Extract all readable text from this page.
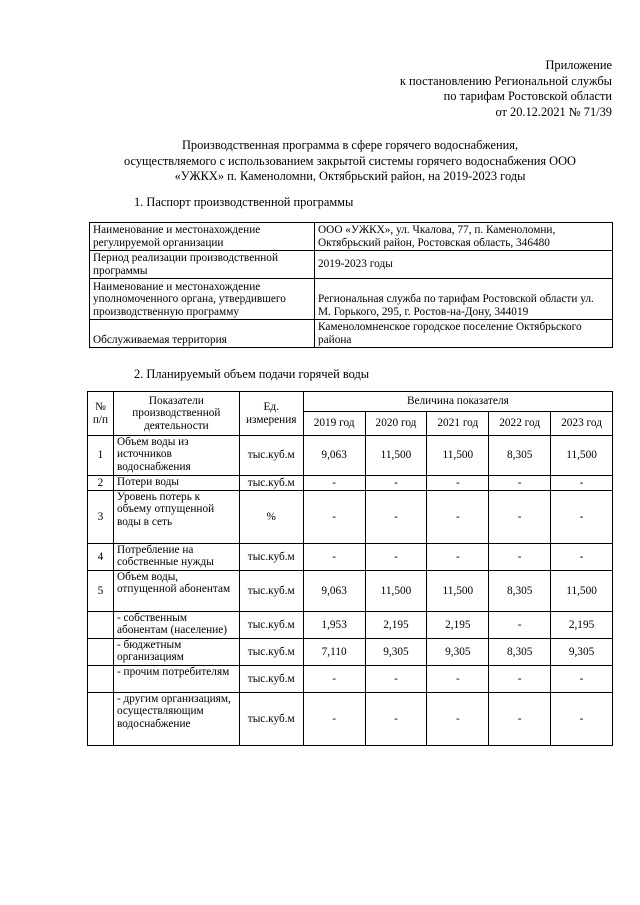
Приложение
к постановлению Региональной службы
по тарифам Ростовской области
от 20.12.2021 № 71/39
Производственная программа в сфере горячего водоснабжения,
осуществляемого с использованием закрытой системы горячего водоснабжения ООО
«УЖКХ» п. Каменоломни, Октябрьский район, на 2019-2023 годы
1. Паспорт производственной программы
Наименование и местонахождение регулируемой организации	ООО «УЖКХ», ул. Чкалова, 77, п. Каменоломни, Октябрьский район, Ростовская область, 346480
Период реализации производственной программы	2019-2023 годы
Наименование и местонахождение уполномоченного органа, утвердившего производственную программу	Региональная служба по тарифам Ростовской области ул. М. Горького, 295, г. Ростов-на-Дону, 344019
Обслуживаемая территория	Каменоломненское городское поселение Октябрьского района
2. Планируемый объем подачи горячей воды
№ п/п	Показатели производственной деятельности	Ед. измерения	Величина показателя				
			2019 год	2020 год	2021 год	2022 год	2023 год
1	Объем воды из источников водоснабжения	тыс.куб.м	9,063	11,500	11,500	8,305	11,500
2	Потери воды	тыс.куб.м	-	-	-	-	-
3	Уровень потерь к объему отпущенной воды в сеть	%	-	-	-	-	-
4	Потребление на собственные нужды	тыс.куб.м	-	-	-	-	-
5	Объем воды, отпущенной абонентам	тыс.куб.м	9,063	11,500	11,500	8,305	11,500
	- собственным абонентам (население)	тыс.куб.м	1,953	2,195	2,195	-	2,195
	- бюджетным организациям	тыс.куб.м	7,110	9,305	9,305	8,305	9,305
	- прочим потребителям	тыс.куб.м	-	-	-	-	-
	- другим организациям, осуществляющим водоснабжение	тыс.куб.м	-	-	-	-	-
